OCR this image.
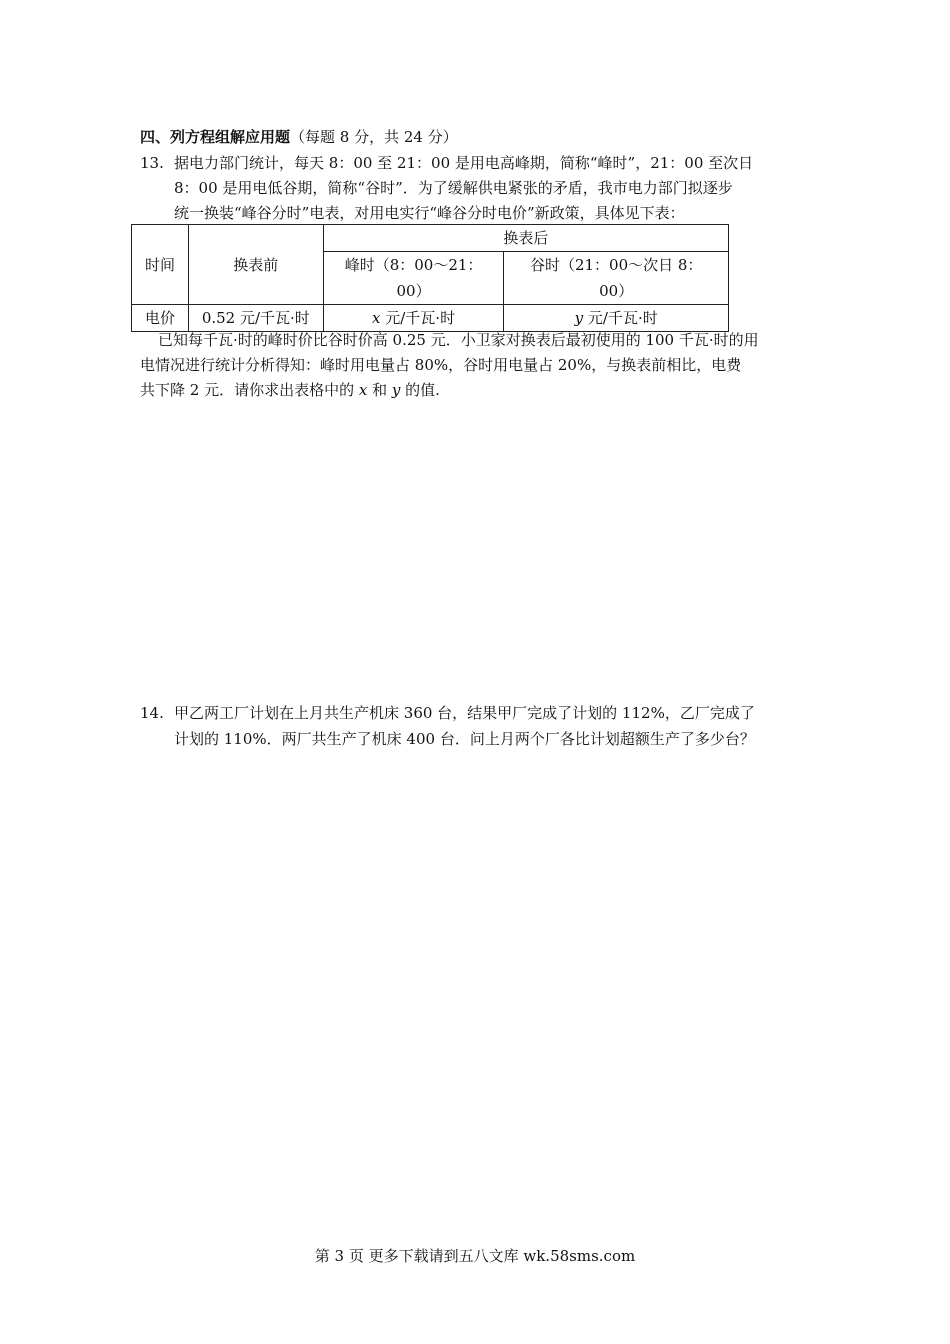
四、列方程组解应用题（每题 8 分，共 24 分）
13. 据电力部门统计，每天 8：00 至 21：00 是用电高峰期，简称“峰时”，21：00 至次日
8：00 是用电低谷期，简称“谷时”．为了缓解供电紧张的矛盾，我市电力部门拟逐步
统一换装“峰谷分时”电表，对用电实行“峰谷分时电价”新政策，具体见下表：
时间	换表前	换表后	
		峰时（8：00～21：	谷时（21：00～次日 8：
		00）	00）
电价	0.52 元/千瓦·时	x 元/千瓦·时	y 元/千瓦·时
已知每千瓦·时的峰时价比谷时价高 0.25 元．小卫家对换表后最初使用的 100 千瓦·时的用
电情况进行统计分析得知：峰时用电量占 80%，谷时用电量占 20%，与换表前相比，电费
共下降 2 元．请你求出表格中的 x 和 y 的值.
14. 甲乙两工厂计划在上月共生产机床 360 台，结果甲厂完成了计划的 112%，乙厂完成了
计划的 110%．两厂共生产了机床 400 台．问上月两个厂各比计划超额生产了多少台？
第 3 页 更多下载请到五八文库 wk.58sms.com
